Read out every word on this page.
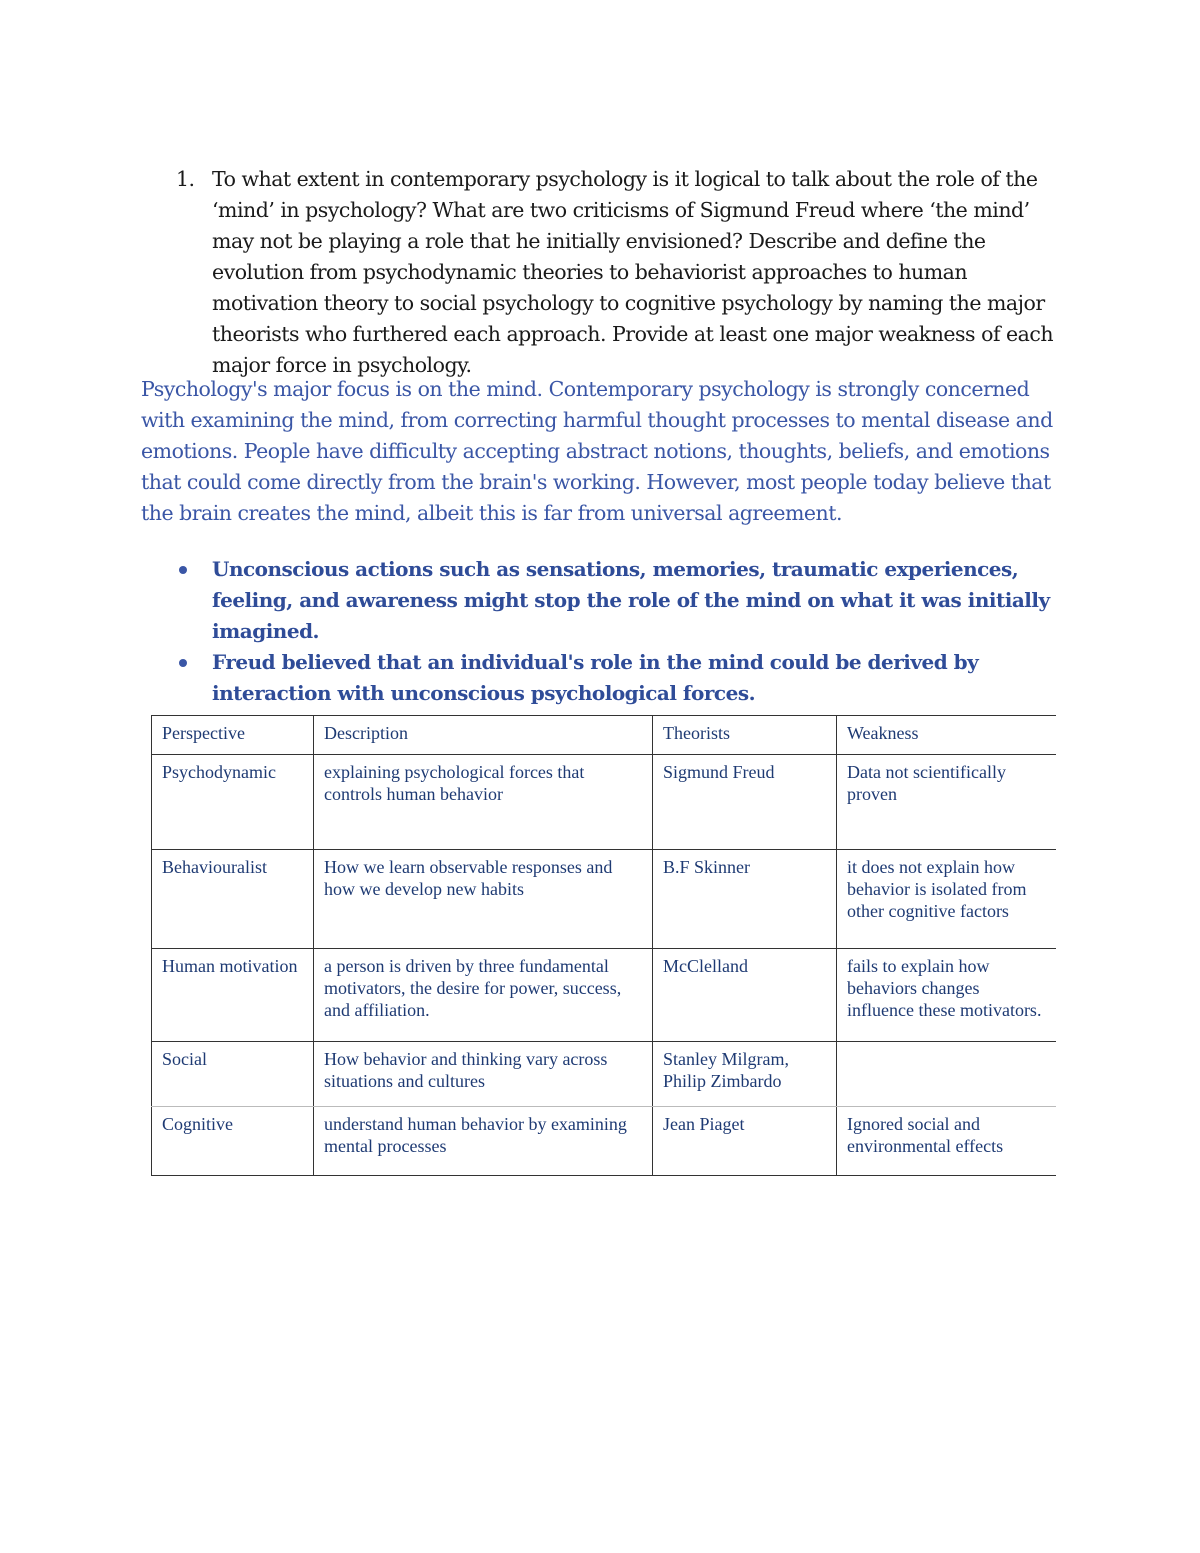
1. To what extent in contemporary psychology is it logical to talk about the role of the ‘mind’ in psychology? What are two criticisms of Sigmund Freud where ‘the mind’ may not be playing a role that he initially envisioned? Describe and define the evolution from psychodynamic theories to behaviorist approaches to human motivation theory to social psychology to cognitive psychology by naming the major theorists who furthered each approach. Provide at least one major weakness of each major force in psychology.
Psychology's major focus is on the mind. Contemporary psychology is strongly concerned with examining the mind, from correcting harmful thought processes to mental disease and emotions. People have difficulty accepting abstract notions, thoughts, beliefs, and emotions that could come directly from the brain's working. However, most people today believe that the brain creates the mind, albeit this is far from universal agreement.
Unconscious actions such as sensations, memories, traumatic experiences, feeling, and awareness might stop the role of the mind on what it was initially imagined.
Freud believed that an individual's role in the mind could be derived by interaction with unconscious psychological forces.
Perspective	Description	Theorists	Weakness
Psychodynamic	explaining psychological forces that controls human behavior	Sigmund Freud	Data not scientifically proven
Behaviouralist	How we learn observable responses and how we develop new habits	B.F Skinner	it does not explain how behavior is isolated from other cognitive factors
Human motivation	a person is driven by three fundamental motivators, the desire for power, success, and affiliation.	McClelland	fails to explain how behaviors changes influence these motivators.
Social	How behavior and thinking vary across situations and cultures	Stanley Milgram, Philip Zimbardo	
Cognitive	understand human behavior by examining mental processes	Jean Piaget	Ignored social and environmental effects
